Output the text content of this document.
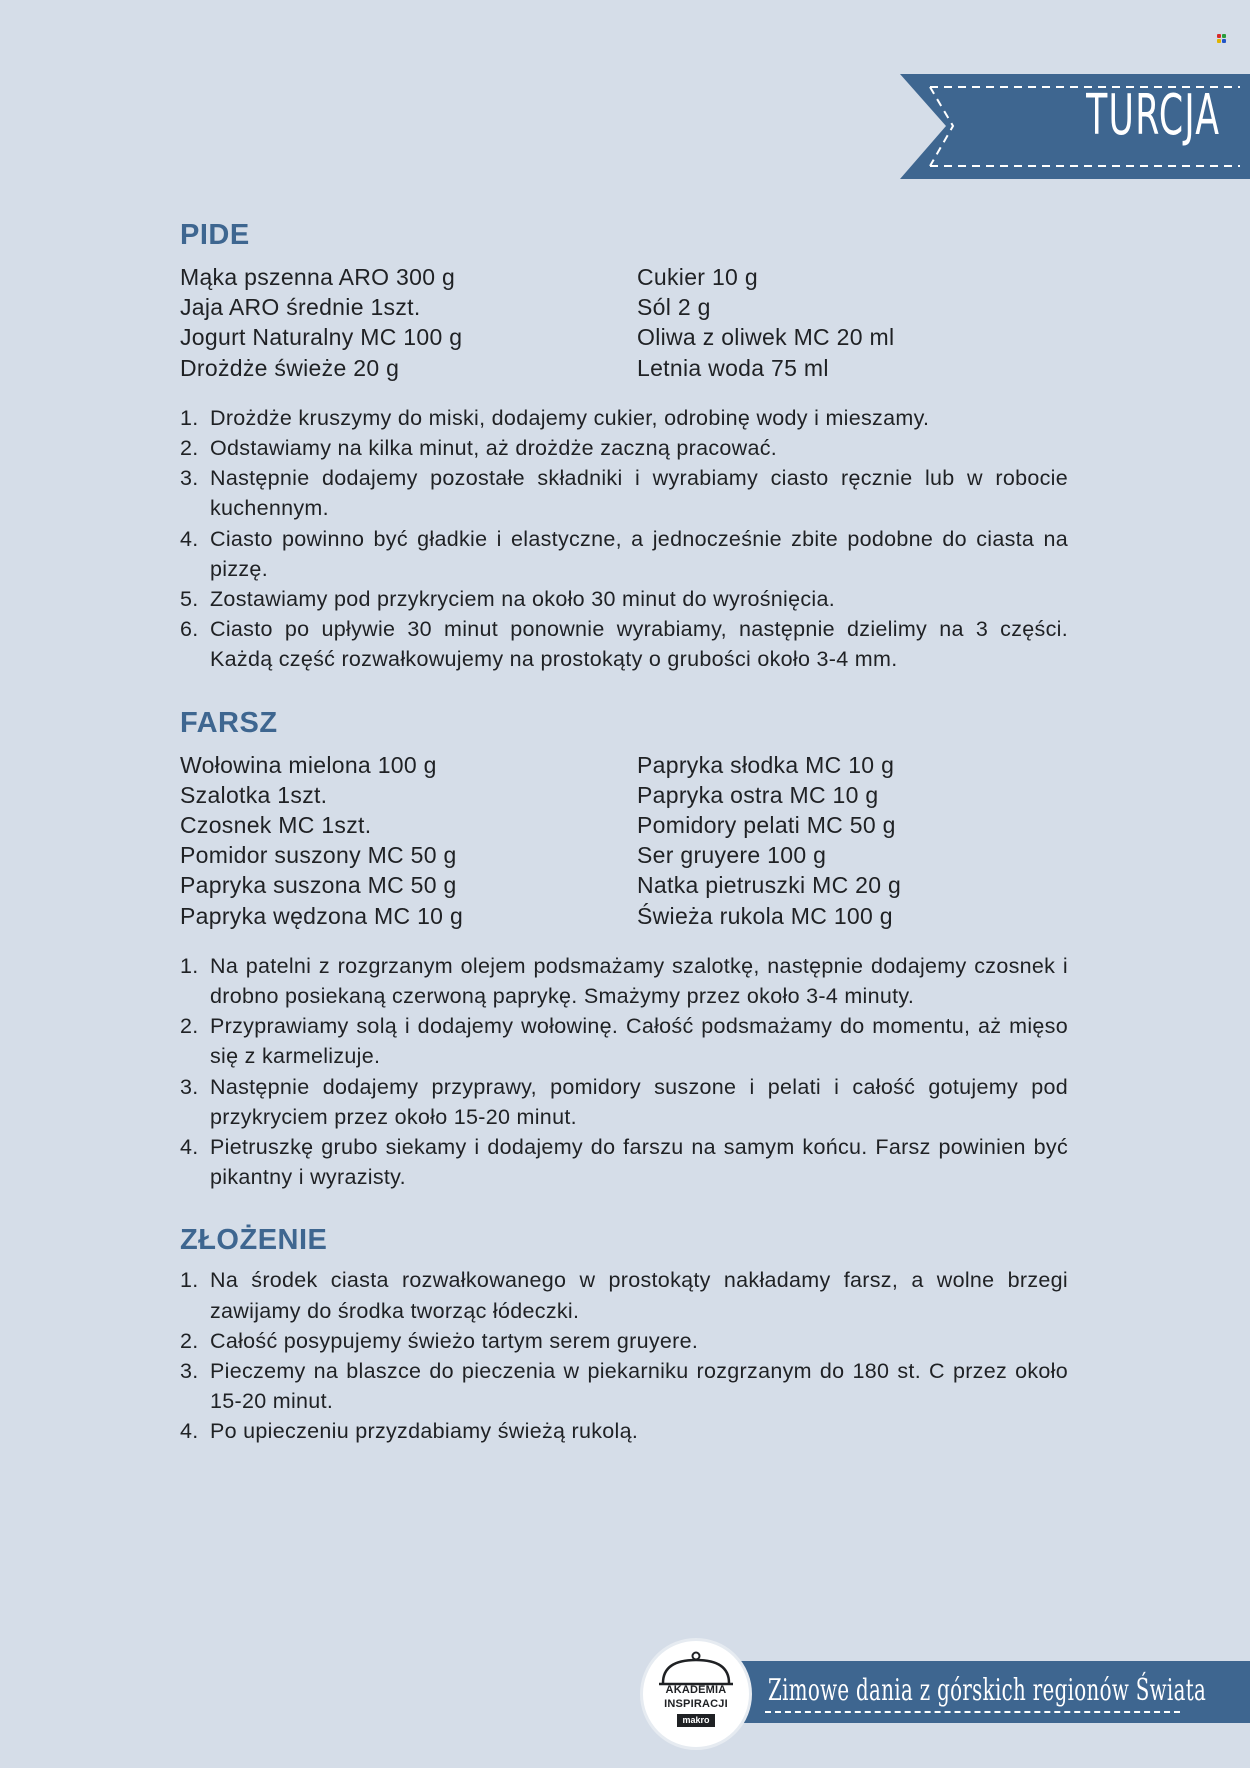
TURCJA
PIDE
Mąka pszenna ARO 300 g
Jaja ARO średnie 1szt.
Jogurt Naturalny MC 100 g
Drożdże świeże 20 g
Cukier 10 g
Sól 2 g
Oliwa z oliwek MC 20 ml
Letnia woda 75 ml
1. Drożdże kruszymy do miski, dodajemy cukier, odrobinę wody i mieszamy.
2. Odstawiamy na kilka minut, aż drożdże zaczną pracować.
3. Następnie dodajemy pozostałe składniki i wyrabiamy ciasto ręcznie lub w robocie kuchennym.
4. Ciasto powinno być gładkie i elastyczne, a jednocześnie zbite podobne do ciasta na pizzę.
5. Zostawiamy pod przykryciem na około 30 minut do wyrośnięcia.
6. Ciasto po upływie 30 minut ponownie wyrabiamy, następnie dzielimy na 3 części. Każdą część rozwałkowujemy na prostokąty o grubości około 3-4 mm.
FARSZ
Wołowina mielona 100 g
Szalotka 1szt.
Czosnek MC 1szt.
Pomidor suszony MC 50 g
Papryka suszona MC 50 g
Papryka wędzona MC 10 g
Papryka słodka MC 10 g
Papryka ostra MC 10 g
Pomidory pelati MC 50 g
Ser gruyere 100 g
Natka pietruszki MC 20 g
Świeża rukola MC 100 g
1. Na patelni z rozgrzanym olejem podsmażamy szalotkę, następnie dodajemy czosnek i drobno posiekaną czerwoną paprykę. Smażymy przez około 3-4 minuty.
2. Przyprawiamy solą i dodajemy wołowinę. Całość podsmażamy do momentu, aż mięso się z karmelizuje.
3. Następnie dodajemy przyprawy, pomidory suszone i pelati i całość gotujemy pod przykryciem przez około 15-20 minut.
4. Pietruszkę grubo siekamy i dodajemy do farszu na samym końcu. Farsz powinien być pikantny i wyrazisty.
ZŁOŻENIE
1. Na środek ciasta rozwałkowanego w prostokąty nakładamy farsz, a wolne brzegi zawijamy do środka tworząc łódeczki.
2. Całość posypujemy świeżo tartym serem gruyere.
3. Pieczemy na blaszce do pieczenia w piekarniku rozgrzanym do 180 st. C przez około 15-20 minut.
4. Po upieczeniu przyzdabiamy świeżą rukolą.
Zimowe dania z górskich regionów Świata
AKADEMIA
INSPIRACJI
makro
